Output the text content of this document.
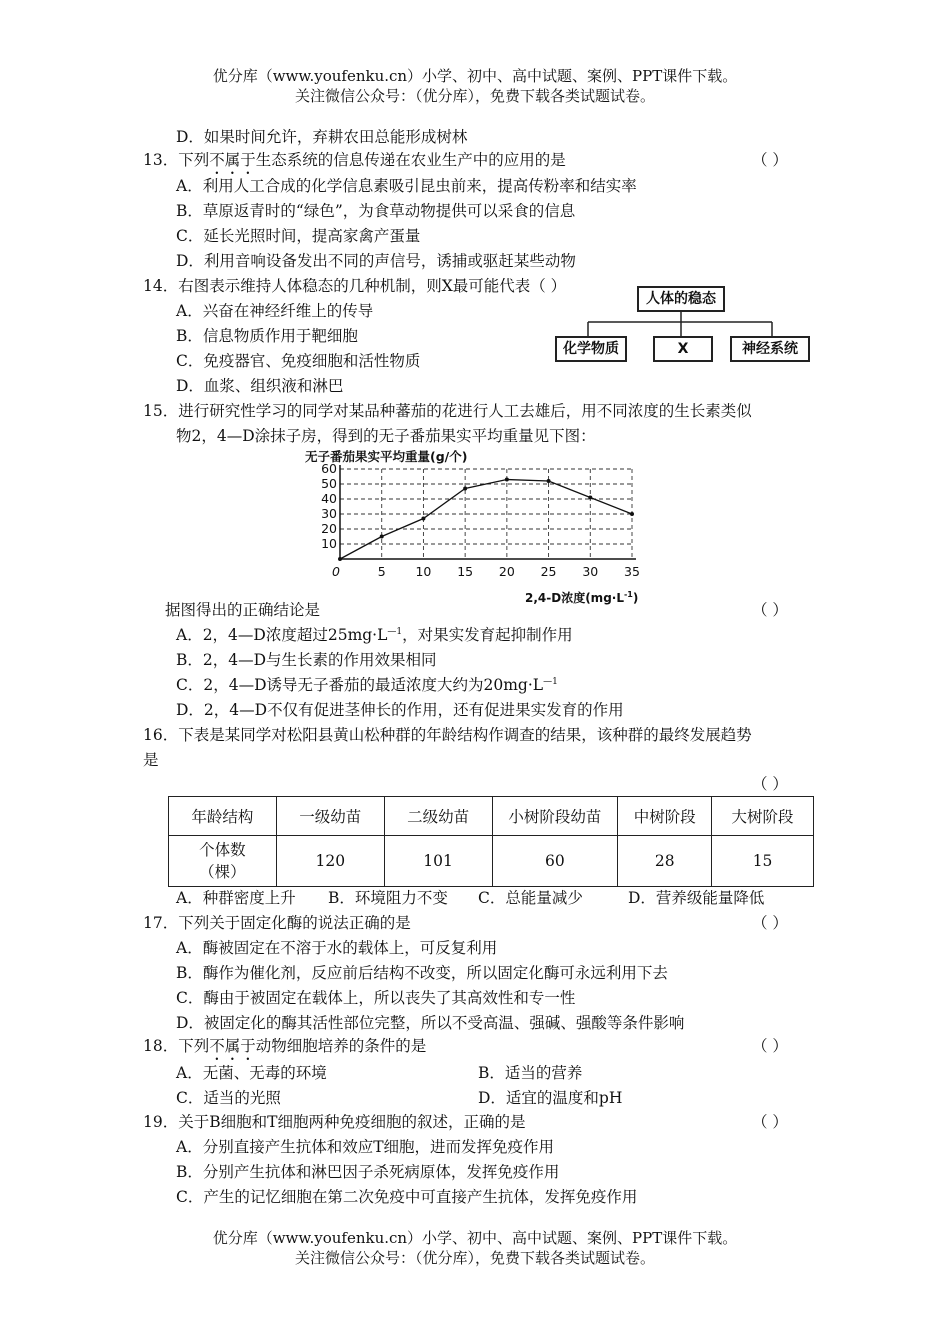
优分库（www.youfenku.cn）小学、初中、高中试题、案例、PPT课件下载。
关注微信公众号：（优分库），免费下载各类试题试卷。
D．如果时间允许，弃耕农田总能形成树林
13．下列不属于生态系统的信息传递在农业生产中的应用的是	（ ）
A．利用人工合成的化学信息素吸引昆虫前来，提高传粉率和结实率
B．草原返青时的“绿色”，为食草动物提供可以采食的信息
C．延长光照时间，提高家禽产蛋量
D．利用音响设备发出不同的声信号，诱捕或驱赶某些动物
14．右图表示维持人体稳态的几种机制，则X最可能代表（ ）
A．兴奋在神经纤维上的传导
B．信息物质作用于靶细胞
C．免疫器官、免疫细胞和活性物质
D．血浆、组织液和淋巴
人体的稳态
化学物质	X	神经系统
15．进行研究性学习的同学对某品种蕃茄的花进行人工去雄后，用不同浓度的生长素类似
物2，4—D涂抹子房，得到的无子番茄果实平均重量见下图：
无子番茄果实平均重量(g/个)
10
20
30
40
50
60
0	5 10 15 20 25 30 35
2,4-D浓度$(mg\cdot L^{-1})$
据图得出的正确结论是	（ ）
A．2，4—D浓度超过$25mg\cdot L^{—1}$，对果实发育起抑制作用
B．2，4—D与生长素的作用效果相同
C．2，4—D诱导无子番茄的最适浓度大约为$20mg\cdot L^{—1}$
D．2，4—D不仅有促进茎伸长的作用，还有促进果实发育的作用
16．下表是某同学对松阳县黄山松种群的年龄结构作调查的结果，该种群的最终发展趋势
是
（ ）
年龄结构	一级幼苗	二级幼苗	小树阶段幼苗	中树阶段	大树阶段
个体数
（棵）	120	101	60	28	15
A．种群密度上升 B．环境阻力不变 C．总能量减少	D．营养级能量降低
17．下列关于固定化酶的说法正确的是	（ ）
A．酶被固定在不溶于水的载体上，可反复利用
B．酶作为催化剂，反应前后结构不改变，所以固定化酶可永远利用下去
C．酶由于被固定在载体上，所以丧失了其高效性和专一性
D．被固定化的酶其活性部位完整，所以不受高温、强碱、强酸等条件影响
18．下列不属于动物细胞培养的条件的是	（ ）
A．无菌、无毒的环境	B．适当的营养
C．适当的光照	D．适宜的温度和pH
19．关于B细胞和T细胞两种免疫细胞的叙述，正确的是	（ ）
A．分别直接产生抗体和效应T细胞，进而发挥免疫作用
B．分别产生抗体和淋巴因子杀死病原体，发挥免疫作用
C．产生的记忆细胞在第二次免疫中可直接产生抗体，发挥免疫作用
优分库（www.youfenku.cn）小学、初中、高中试题、案例、PPT课件下载。
关注微信公众号：（优分库），免费下载各类试题试卷。
